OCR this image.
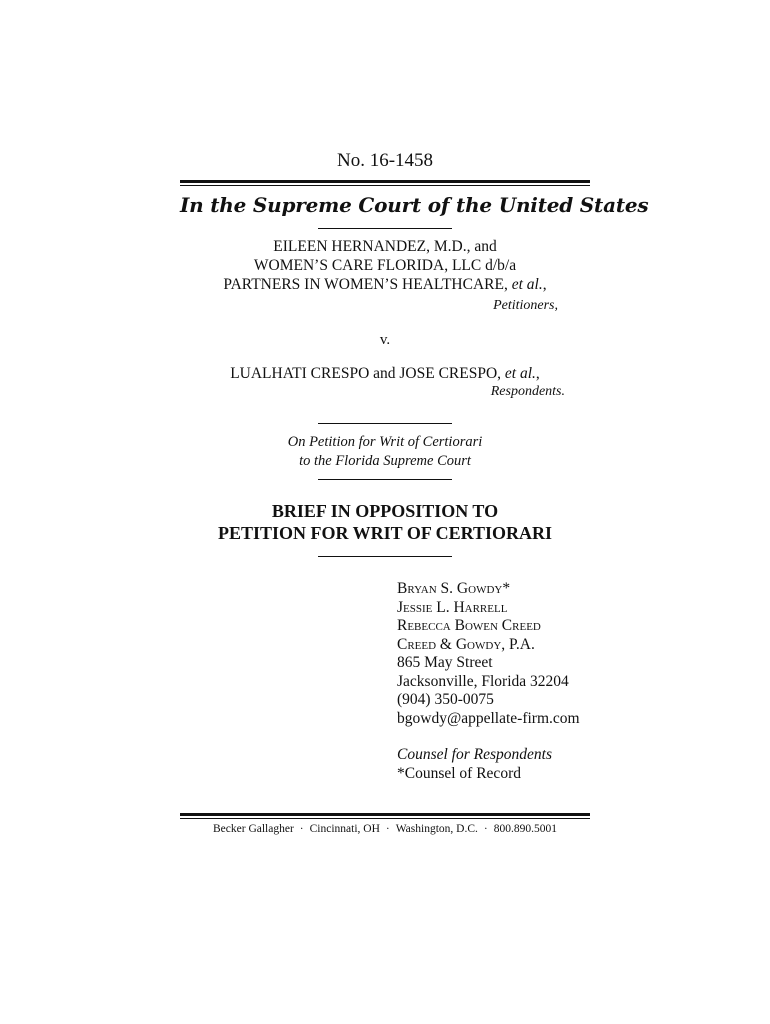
No. 16-1458
In the Supreme Court of the United States
EILEEN HERNANDEZ, M.D., and
WOMEN’S CARE FLORIDA, LLC d/b/a
PARTNERS IN WOMEN’S HEALTHCARE, et al.,
Petitioners,
v.
LUALHATI CRESPO and JOSE CRESPO, et al.,
Respondents.
On Petition for Writ of Certiorari
to the Florida Supreme Court
BRIEF IN OPPOSITION TO
PETITION FOR WRIT OF CERTIORARI
Bryan S. Gowdy*
Jessie L. Harrell
Rebecca Bowen Creed
Creed & Gowdy, P.A.
865 May Street
Jacksonville, Florida 32204
(904) 350-0075
bgowdy@appellate-firm.com
Counsel for Respondents
*Counsel of Record
Becker Gallagher · Cincinnati, OH · Washington, D.C. · 800.890.5001
